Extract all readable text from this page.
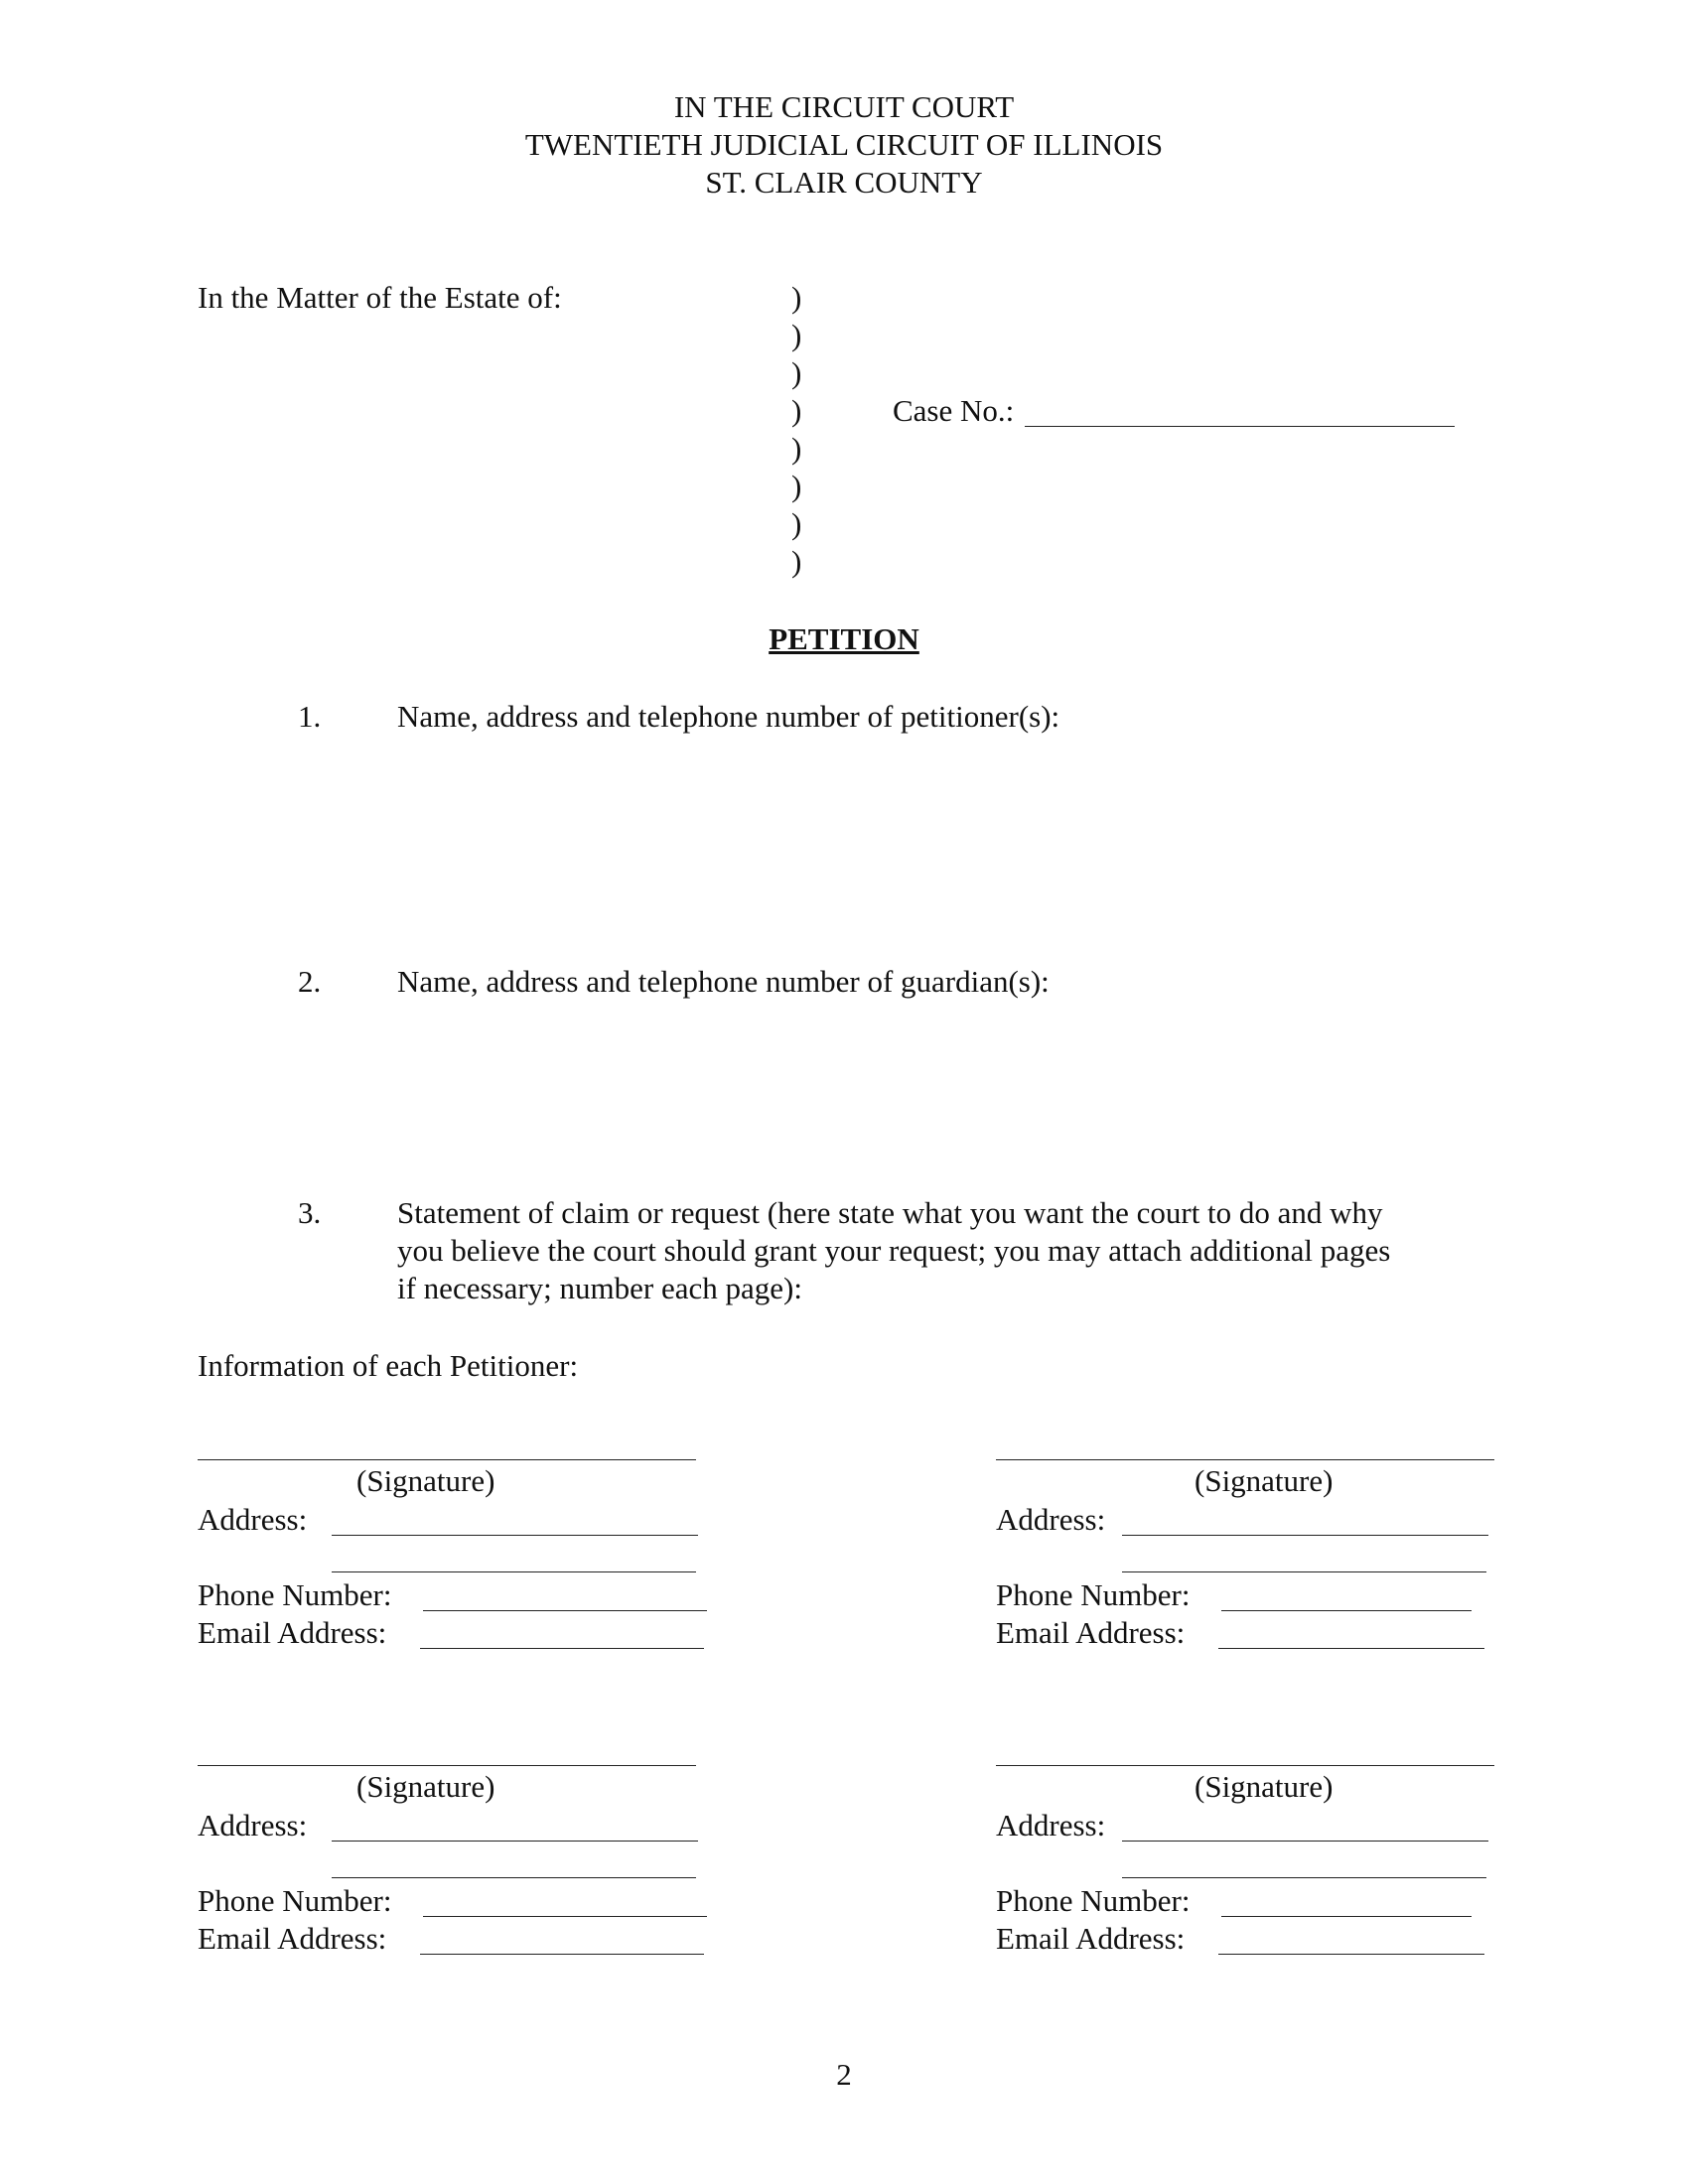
IN THE CIRCUIT COURT
TWENTIETH JUDICIAL CIRCUIT OF ILLINOIS
ST. CLAIR COUNTY
In the Matter of the Estate of:	)
)
)
)
)
)
)
)
Case No.:
PETITION
1. Name, address and telephone number of petitioner(s):
2. Name, address and telephone number of guardian(s):
3. Statement of claim or request (here state what you want the court to do and why
you believe the court should grant your request; you may attach additional pages
if necessary; number each page):
Information of each Petitioner:
(Signature)
Address:
Phone Number:
Email Address:
(Signature)
Address:
Phone Number:
Email Address:
(Signature)
Address:
Phone Number:
Email Address:
(Signature)
Address:
Phone Number:
Email Address:
2
